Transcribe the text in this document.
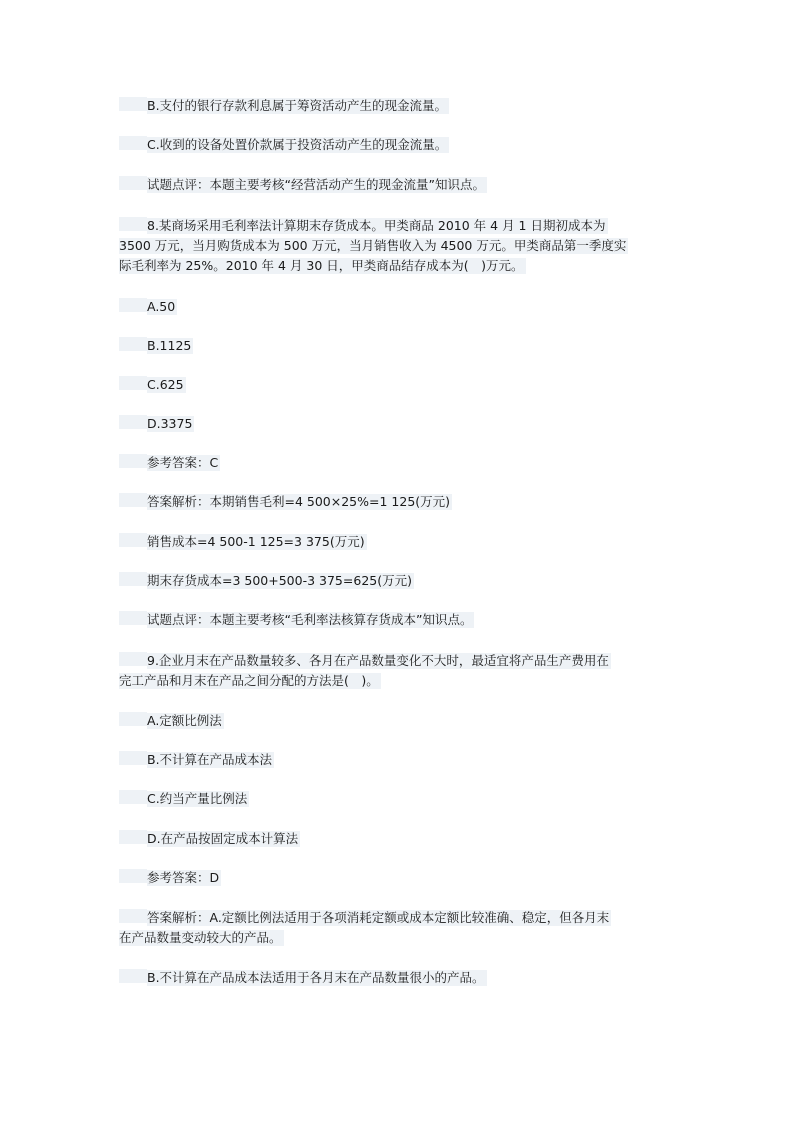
B.支付的银行存款利息属于筹资活动产生的现金流量。
C.收到的设备处置价款属于投资活动产生的现金流量。
试题点评：本题主要考核“经营活动产生的现金流量”知识点。
8.某商场采用毛利率法计算期末存货成本。甲类商品 2010 年 4 月 1 日期初成本为
3500 万元，当月购货成本为 500 万元，当月销售收入为 4500 万元。甲类商品第一季度实
际毛利率为 25%。2010 年 4 月 30 日，甲类商品结存成本为(　)万元。
A.50
B.1125
C.625
D.3375
参考答案：C
答案解析：本期销售毛利=4 500×25%=1 125(万元)
销售成本=4 500-1 125=3 375(万元)
期末存货成本=3 500+500-3 375=625(万元)
试题点评：本题主要考核“毛利率法核算存货成本”知识点。
9.企业月末在产品数量较多、各月在产品数量变化不大时，最适宜将产品生产费用在
完工产品和月末在产品之间分配的方法是(　)。
A.定额比例法
B.不计算在产品成本法
C.约当产量比例法
D.在产品按固定成本计算法
参考答案：D
答案解析：A.定额比例法适用于各项消耗定额或成本定额比较准确、稳定，但各月末
在产品数量变动较大的产品。
B.不计算在产品成本法适用于各月末在产品数量很小的产品。
